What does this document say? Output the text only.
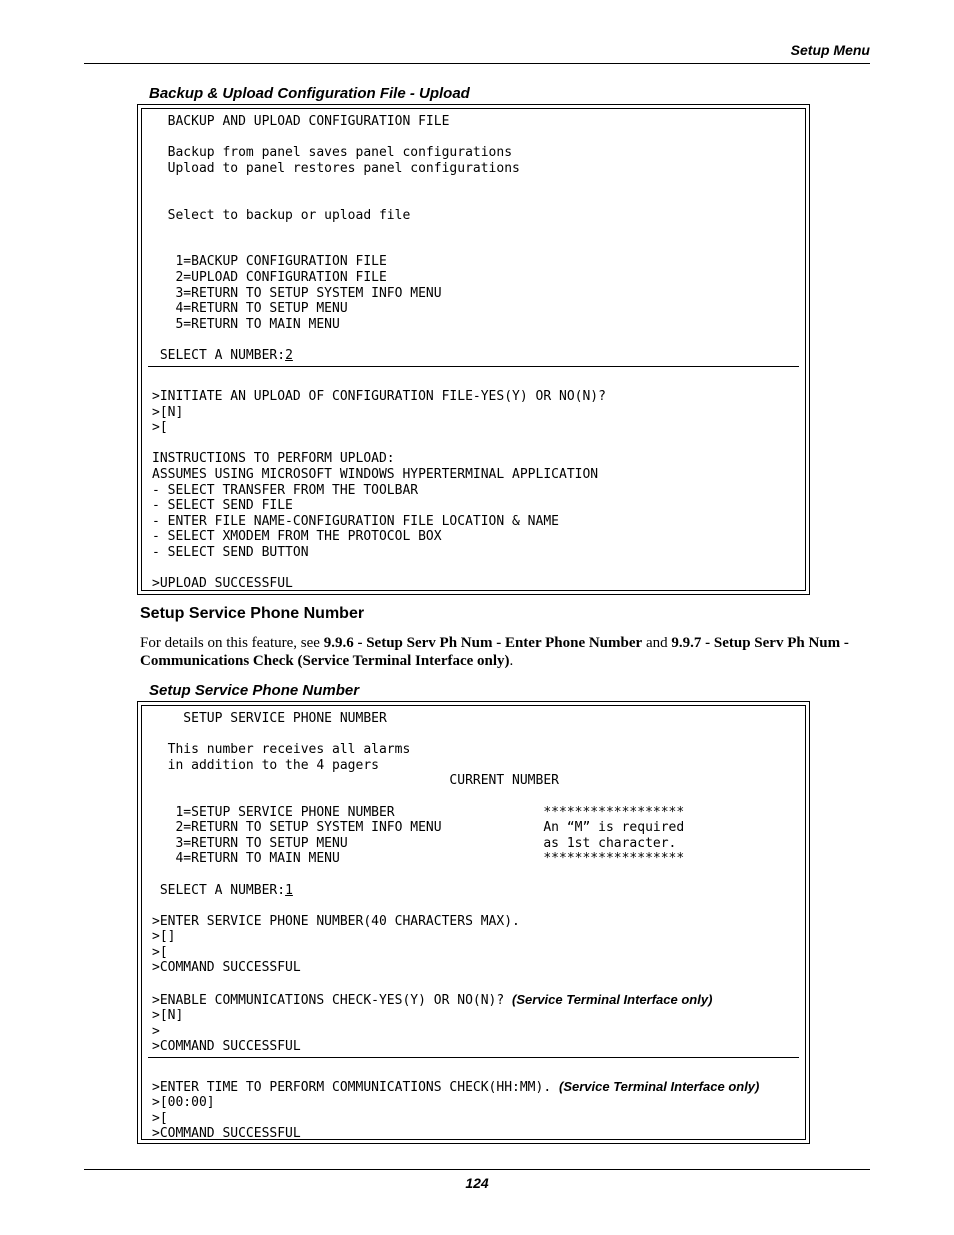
Setup Menu
Backup & Upload Configuration File - Upload
BACKUP AND UPLOAD CONFIGURATION FILE

Backup from panel saves panel configurations
Upload to panel restores panel configurations

Select to backup or upload file

1=BACKUP CONFIGURATION FILE
2=UPLOAD CONFIGURATION FILE
3=RETURN TO SETUP SYSTEM INFO MENU
4=RETURN TO SETUP MENU
5=RETURN TO MAIN MENU

SELECT A NUMBER:2
>INITIATE AN UPLOAD OF CONFIGURATION FILE-YES(Y) OR NO(N)?
>[N]
>[

INSTRUCTIONS TO PERFORM UPLOAD:
ASSUMES USING MICROSOFT WINDOWS HYPERTERMINAL APPLICATION
- SELECT TRANSFER FROM THE TOOLBAR
- SELECT SEND FILE
- ENTER FILE NAME-CONFIGURATION FILE LOCATION & NAME
- SELECT XMODEM FROM THE PROTOCOL BOX
- SELECT SEND BUTTON

>UPLOAD SUCCESSFUL
Setup Service Phone Number
For details on this feature, see 9.9.6 - Setup Serv Ph Num - Enter Phone Number and 9.9.7 - Setup Serv Ph Num - Communications Check (Service Terminal Interface only).
Setup Service Phone Number
SETUP SERVICE PHONE NUMBER

This number receives all alarms
in addition to the 4 pagers
CURRENT NUMBER

1=SETUP SERVICE PHONE NUMBER                   ******************
2=RETURN TO SETUP SYSTEM INFO MENU             An “M” is required
3=RETURN TO SETUP MENU                         as 1st character.
4=RETURN TO MAIN MENU                          ******************

SELECT A NUMBER:1

>ENTER SERVICE PHONE NUMBER(40 CHARACTERS MAX).
>[]
>[
>COMMAND SUCCESSFUL

>ENABLE COMMUNICATIONS CHECK-YES(Y) OR NO(N)? (Service Terminal Interface only)
>[N]
>
>COMMAND SUCCESSFUL
>ENTER TIME TO PERFORM COMMUNICATIONS CHECK(HH:MM). (Service Terminal Interface only)
>[00:00]
>[
>COMMAND SUCCESSFUL
124
